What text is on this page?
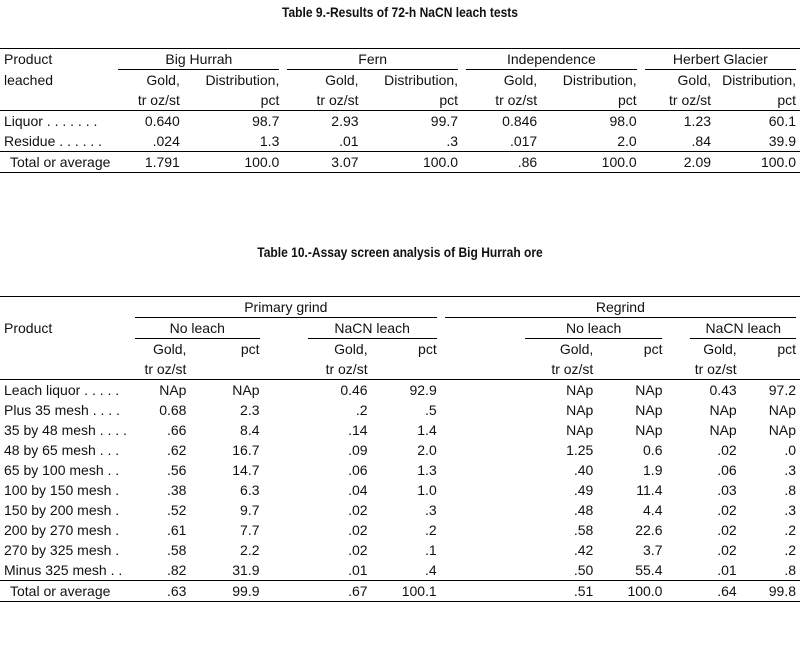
Table 9.-Results of 72-h NaCN leach tests
Product	Big Hurrah		Fern		Independence		Herbert Glacier	

leached	Gold,	Distribution,	Gold,	Distribution,	Gold,	Distribution,	Gold,	Distribution,
	tr oz/st	pct	tr oz/st	pct	tr oz/st	pct	tr oz/st	pct
Liquor . . . . . . .	0.640	98.7	2.93	99.7	0.846	98.0	1.23	60.1
Residue . . . . . .	.024	1.3	.01	.3	.017	2.0	.84	39.9
Total or average	1.791	100.0	3.07	100.0	.86	100.0	2.09	100.0
Table 10.-Assay screen analysis of Big Hurrah ore

	Primary grind				Regrind			

Product	No leach		NaCN leach		No leach		NaCN leach	

	Gold,	pct	Gold,	pct	Gold,	pct	Gold,	pct
	tr oz/st		tr oz/st		tr oz/st		tr oz/st	
Leach liquor . . . . .	NAp	NAp	0.46	92.9	NAp	NAp	0.43	97.2
Plus 35 mesh . . . .	0.68	2.3	.2	.5	NAp	NAp	NAp	NAp
35 by 48 mesh . . . .	.66	8.4	.14	1.4	NAp	NAp	NAp	NAp
48 by 65 mesh . . .	.62	16.7	.09	2.0	1.25	0.6	.02	.0
65 by 100 mesh . .	.56	14.7	.06	1.3	.40	1.9	.06	.3
100 by 150 mesh .	.38	6.3	.04	1.0	.49	11.4	.03	.8
150 by 200 mesh .	.52	9.7	.02	.3	.48	4.4	.02	.3
200 by 270 mesh .	.61	7.7	.02	.2	.58	22.6	.02	.2
270 by 325 mesh .	.58	2.2	.02	.1	.42	3.7	.02	.2
Minus 325 mesh . .	.82	31.9	.01	.4	.50	55.4	.01	.8
Total or average	.63	99.9	.67	100.1	.51	100.0	.64	99.8
